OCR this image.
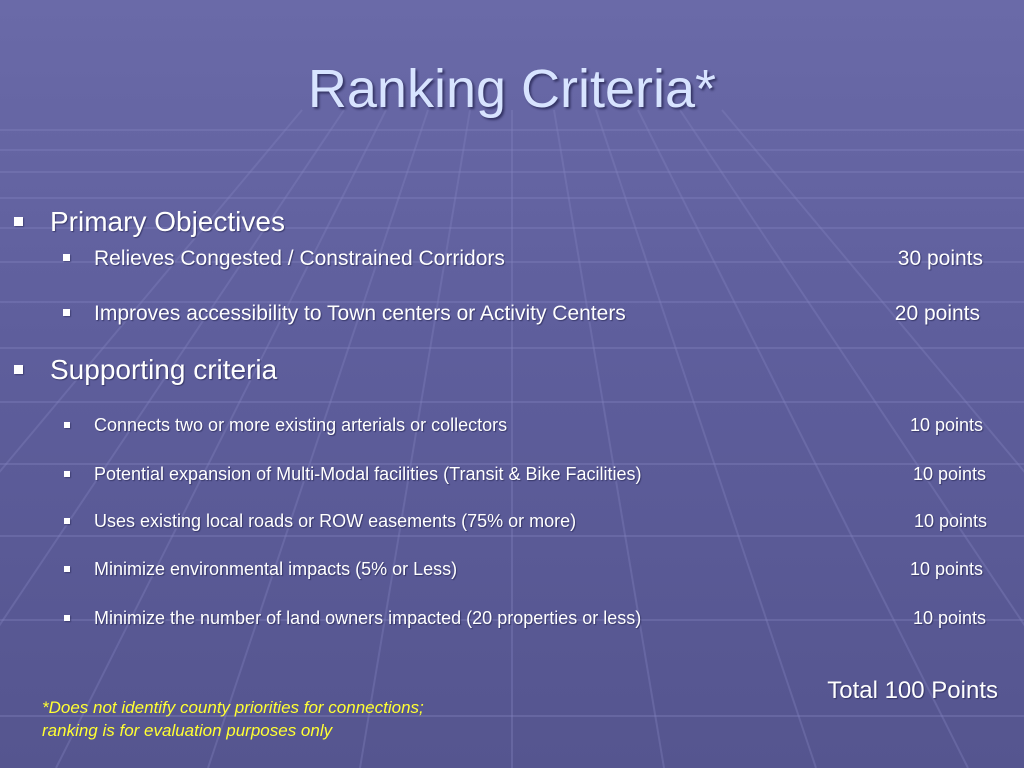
Ranking Criteria*
Primary Objectives
Relieves Congested / Constrained Corridors	30 points
Improves accessibility to Town centers or Activity Centers	20 points
Supporting criteria
Connects two or more existing arterials or collectors	10 points
Potential expansion of Multi-Modal facilities (Transit & Bike Facilities)	10 points
Uses existing local roads or ROW easements (75% or more)	10 points
Minimize environmental impacts (5% or Less)	10 points
Minimize the number of land owners impacted (20 properties or less)	10 points
Total 100 Points
*Does not identify county priorities for connections;
ranking is for evaluation purposes only
